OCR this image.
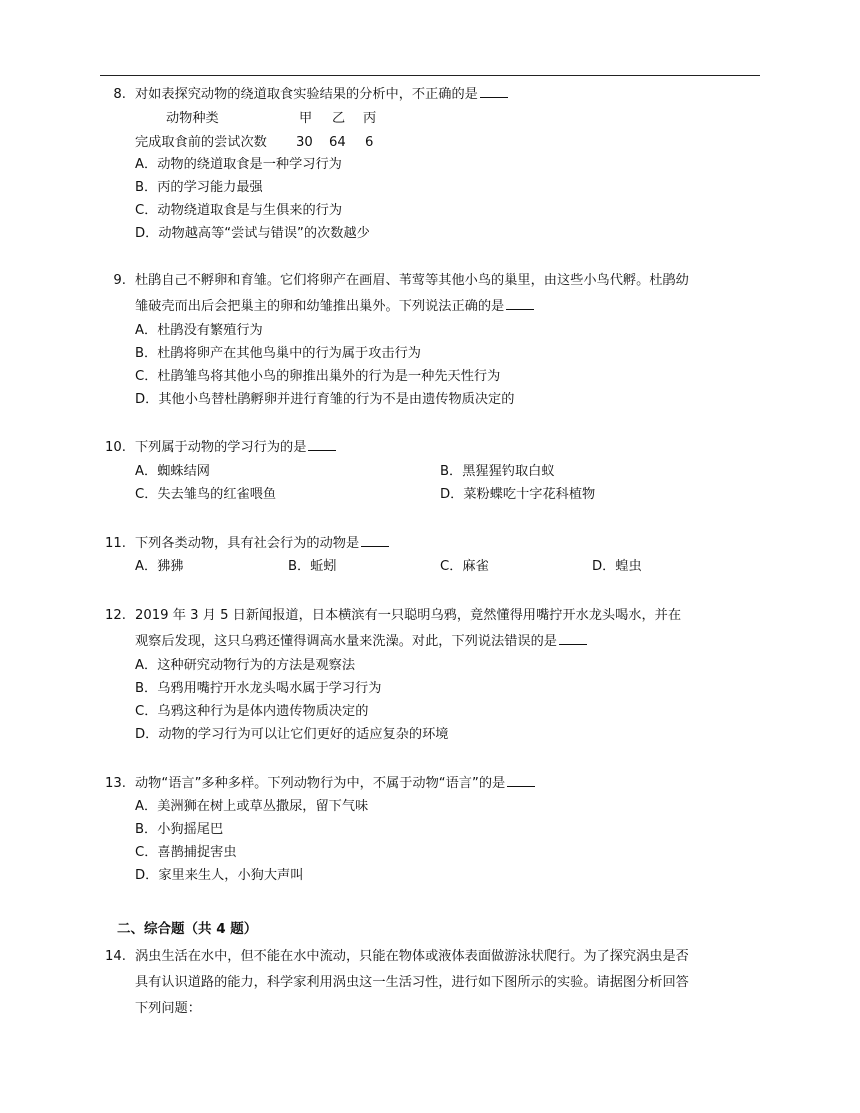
8. 对如表探究动物的绕道取食实验结果的分析中，不正确的是
动物种类	甲 乙 丙
完成取食前的尝试次数 30 64 6
A．动物的绕道取食是一种学习行为
B．丙的学习能力最强
C．动物绕道取食是与生俱来的行为
D．动物越高等“尝试与错误”的次数越少
9. 杜鹃自己不孵卵和育雏。它们将卵产在画眉、苇莺等其他小鸟的巢里，由这些小鸟代孵。杜鹃幼
雏破壳而出后会把巢主的卵和幼雏推出巢外。下列说法正确的是
A．杜鹃没有繁殖行为
B．杜鹃将卵产在其他鸟巢中的行为属于攻击行为
C．杜鹃雏鸟将其他小鸟的卵推出巢外的行为是一种先天性行为
D．其他小鸟替杜鹃孵卵并进行育雏的行为不是由遗传物质决定的
10. 下列属于动物的学习行为的是
A．蜘蛛结网	B．黑猩猩钓取白蚁
C．失去雏鸟的红雀喂鱼	D．菜粉蝶吃十字花科植物
11. 下列各类动物，具有社会行为的动物是
A．狒狒	B．蚯蚓	C．麻雀	D．蝗虫
12. 2019 年 3 月 5 日新闻报道，日本横滨有一只聪明乌鸦，竟然懂得用嘴拧开水龙头喝水，并在
观察后发现，这只乌鸦还懂得调高水量来洗澡。对此，下列说法错误的是
A．这种研究动物行为的方法是观察法
B．乌鸦用嘴拧开水龙头喝水属于学习行为
C．乌鸦这种行为是体内遗传物质决定的
D．动物的学习行为可以让它们更好的适应复杂的环境
13. 动物“语言”多种多样。下列动物行为中，不属于动物“语言”的是
A．美洲狮在树上或草丛撒尿，留下气味
B．小狗摇尾巴
C．喜鹊捕捉害虫
D．家里来生人，小狗大声叫
二、综合题（共 4 题）
14. 涡虫生活在水中，但不能在水中流动，只能在物体或液体表面做游泳状爬行。为了探究涡虫是否
具有认识道路的能力，科学家利用涡虫这一生活习性，进行如下图所示的实验。请据图分析回答
下列问题：
